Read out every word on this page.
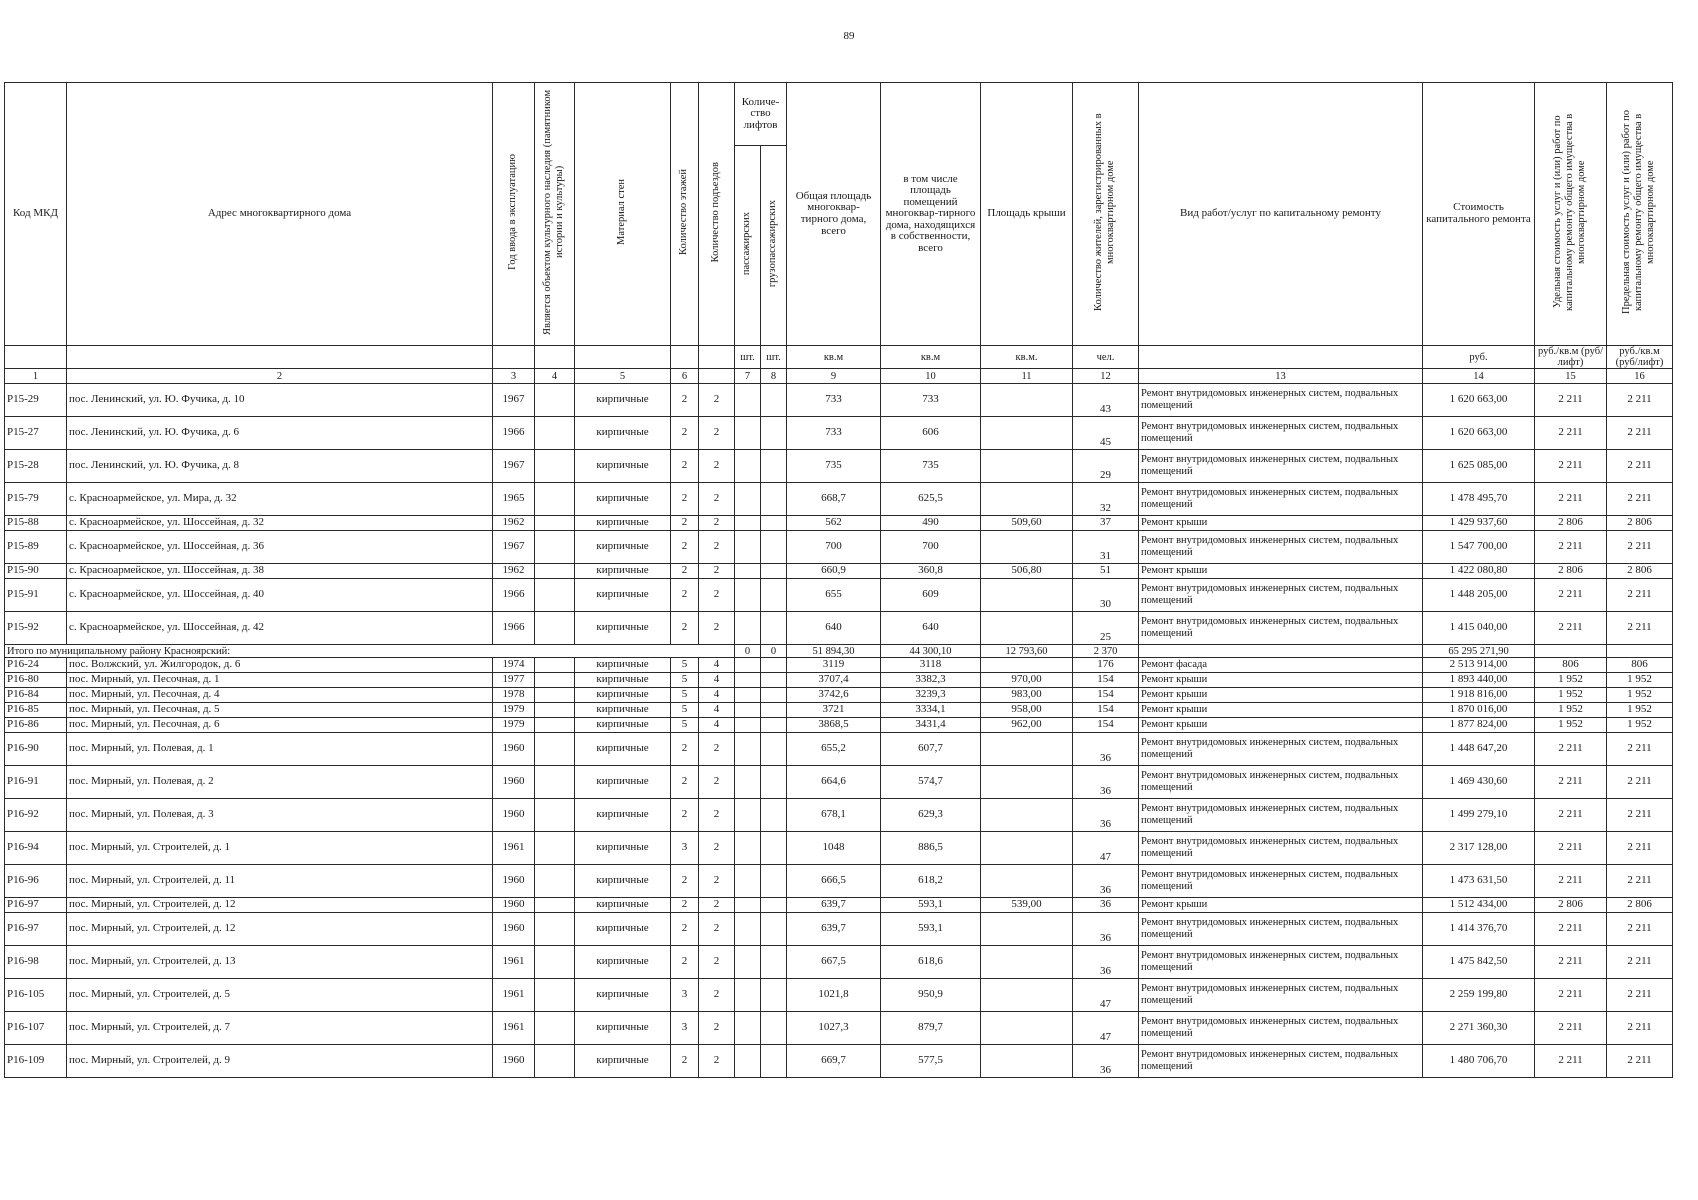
89
Код МКД	Адрес многоквартирного дома	Год ввода в эксплуатацию	Является объектом культурного наследия (памятником истории и культуры)	Материал стен	Количество этажей	Количество подъездов	Количе-ство лифтов		Общая площадь многоквар-тирного дома, всего	в том числе площадь помещений многоквар-тирного дома, находящихся в собственности, всего	Площадь крыши	Количество жителей, зарегистрированных в многоквартирном доме	Вид работ/услуг по капитальному ремонту	Стоимость капитального ремонта	Удельная стоимость услуг и (или) работ по капитальному ремонту общего имущества в многоквартирном доме	Предельная стоимость услуг и (или) работ по капитальному ремонту общего имущества в многоквартирном доме
							пассажирских	грузопассажирских								
							шт.	шт.	кв.м	кв.м	кв.м.	чел.		руб.	руб./кв.м (руб/лифт)	руб./кв.м (руб/лифт)
1	2	3	4	5	6		7	8	9	10	11	12	13	14	15	16
P15-29	пос. Ленинский, ул. Ю. Фучика, д. 10	1967		кирпичные	2	2			733	733		43	Ремонт внутридомовых инженерных систем, подвальных помещений	1 620 663,00	2 211	2 211
P15-27	пос. Ленинский, ул. Ю. Фучика, д. 6	1966		кирпичные	2	2			733	606		45	Ремонт внутридомовых инженерных систем, подвальных помещений	1 620 663,00	2 211	2 211
P15-28	пос. Ленинский, ул. Ю. Фучика, д. 8	1967		кирпичные	2	2			735	735		29	Ремонт внутридомовых инженерных систем, подвальных помещений	1 625 085,00	2 211	2 211
P15-79	с. Красноармейское, ул. Мира, д. 32	1965		кирпичные	2	2			668,7	625,5		32	Ремонт внутридомовых инженерных систем, подвальных помещений	1 478 495,70	2 211	2 211
P15-88	с. Красноармейское, ул. Шоссейная, д. 32	1962		кирпичные	2	2			562	490	509,60	37	Ремонт крыши	1 429 937,60	2 806	2 806
P15-89	с. Красноармейское, ул. Шоссейная, д. 36	1967		кирпичные	2	2			700	700		31	Ремонт внутридомовых инженерных систем, подвальных помещений	1 547 700,00	2 211	2 211
P15-90	с. Красноармейское, ул. Шоссейная, д. 38	1962		кирпичные	2	2			660,9	360,8	506,80	51	Ремонт крыши	1 422 080,80	2 806	2 806
P15-91	с. Красноармейское, ул. Шоссейная, д. 40	1966		кирпичные	2	2			655	609		30	Ремонт внутридомовых инженерных систем, подвальных помещений	1 448 205,00	2 211	2 211
P15-92	с. Красноармейское, ул. Шоссейная, д. 42	1966		кирпичные	2	2			640	640		25	Ремонт внутридомовых инженерных систем, подвальных помещений	1 415 040,00	2 211	2 211
Итого по муниципальному району Красноярский:							0	0	51 894,30	44 300,10	12 793,60	2 370		65 295 271,90		
P16-24	пос. Волжский, ул. Жилгородок, д. 6	1974		кирпичные	5	4			3119	3118		176	Ремонт фасада	2 513 914,00	806	806
P16-80	пос. Мирный, ул. Песочная, д. 1	1977		кирпичные	5	4			3707,4	3382,3	970,00	154	Ремонт крыши	1 893 440,00	1 952	1 952
P16-84	пос. Мирный, ул. Песочная, д. 4	1978		кирпичные	5	4			3742,6	3239,3	983,00	154	Ремонт крыши	1 918 816,00	1 952	1 952
P16-85	пос. Мирный, ул. Песочная, д. 5	1979		кирпичные	5	4			3721	3334,1	958,00	154	Ремонт крыши	1 870 016,00	1 952	1 952
P16-86	пос. Мирный, ул. Песочная, д. 6	1979		кирпичные	5	4			3868,5	3431,4	962,00	154	Ремонт крыши	1 877 824,00	1 952	1 952
P16-90	пос. Мирный, ул. Полевая, д. 1	1960		кирпичные	2	2			655,2	607,7		36	Ремонт внутридомовых инженерных систем, подвальных помещений	1 448 647,20	2 211	2 211
P16-91	пос. Мирный, ул. Полевая, д. 2	1960		кирпичные	2	2			664,6	574,7		36	Ремонт внутридомовых инженерных систем, подвальных помещений	1 469 430,60	2 211	2 211
P16-92	пос. Мирный, ул. Полевая, д. 3	1960		кирпичные	2	2			678,1	629,3		36	Ремонт внутридомовых инженерных систем, подвальных помещений	1 499 279,10	2 211	2 211
P16-94	пос. Мирный, ул. Строителей, д. 1	1961		кирпичные	3	2			1048	886,5		47	Ремонт внутридомовых инженерных систем, подвальных помещений	2 317 128,00	2 211	2 211
P16-96	пос. Мирный, ул. Строителей, д. 11	1960		кирпичные	2	2			666,5	618,2		36	Ремонт внутридомовых инженерных систем, подвальных помещений	1 473 631,50	2 211	2 211
P16-97	пос. Мирный, ул. Строителей, д. 12	1960		кирпичные	2	2			639,7	593,1	539,00	36	Ремонт крыши	1 512 434,00	2 806	2 806
P16-97	пос. Мирный, ул. Строителей, д. 12	1960		кирпичные	2	2			639,7	593,1		36	Ремонт внутридомовых инженерных систем, подвальных помещений	1 414 376,70	2 211	2 211
P16-98	пос. Мирный, ул. Строителей, д. 13	1961		кирпичные	2	2			667,5	618,6		36	Ремонт внутридомовых инженерных систем, подвальных помещений	1 475 842,50	2 211	2 211
P16-105	пос. Мирный, ул. Строителей, д. 5	1961		кирпичные	3	2			1021,8	950,9		47	Ремонт внутридомовых инженерных систем, подвальных помещений	2 259 199,80	2 211	2 211
P16-107	пос. Мирный, ул. Строителей, д. 7	1961		кирпичные	3	2			1027,3	879,7		47	Ремонт внутридомовых инженерных систем, подвальных помещений	2 271 360,30	2 211	2 211
P16-109	пос. Мирный, ул. Строителей, д. 9	1960		кирпичные	2	2			669,7	577,5		36	Ремонт внутридомовых инженерных систем, подвальных помещений	1 480 706,70	2 211	2 211
